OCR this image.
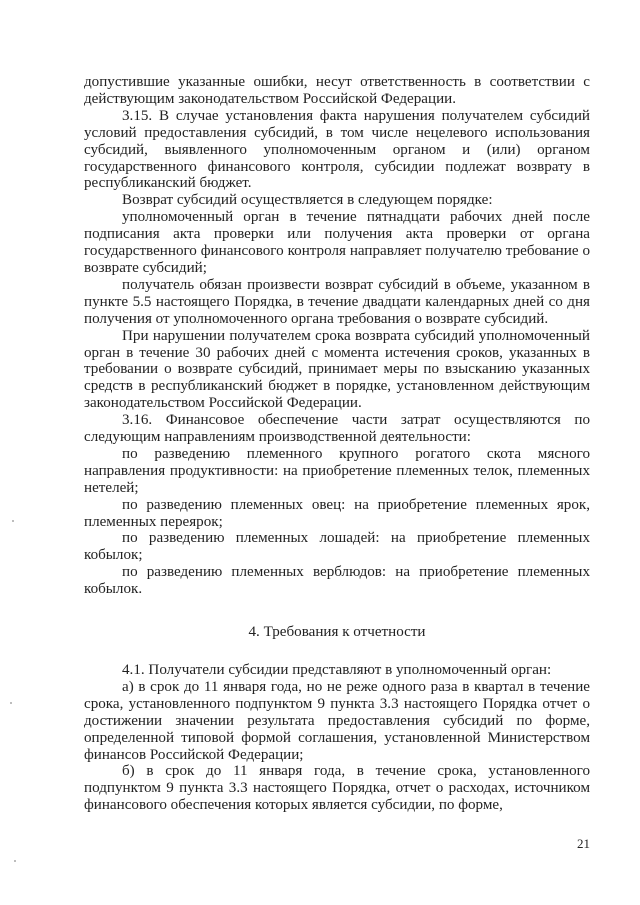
допустившие указанные ошибки, несут ответственность в соответствии с действующим законодательством Российской Федерации.

3.15. В случае установления факта нарушения получателем субсидий условий предоставления субсидий, в том числе нецелевого использования субсидий, выявленного уполномоченным органом и (или) органом государственного финансового контроля, субсидии подлежат возврату в республиканский бюджет.

Возврат субсидий осуществляется в следующем порядке:

уполномоченный орган в течение пятнадцати рабочих дней после подписания акта проверки или получения акта проверки от органа государственного финансового контроля направляет получателю требование о возврате субсидий;

получатель обязан произвести возврат субсидий в объеме, указанном в пункте 5.5 настоящего Порядка, в течение двадцати календарных дней со дня получения от уполномоченного органа требования о возврате субсидий.

При нарушении получателем срока возврата субсидий уполномоченный орган в течение 30 рабочих дней с момента истечения сроков, указанных в требовании о возврате субсидий, принимает меры по взысканию указанных средств в республиканский бюджет в порядке, установленном действующим законодательством Российской Федерации.

3.16. Финансовое обеспечение части затрат осуществляются по следующим направлениям производственной деятельности:

по разведению племенного крупного рогатого скота мясного направления продуктивности: на приобретение племенных телок, племенных нетелей;

по разведению племенных овец: на приобретение племенных ярок, племенных переярок;

по разведению племенных лошадей: на приобретение племенных кобылок;

по разведению племенных верблюдов: на приобретение племенных кобылок.

4. Требования к отчетности

4.1. Получатели субсидии представляют в уполномоченный орган:

а) в срок до 11 января года, но не реже одного раза в квартал в течение срока, установленного подпунктом 9 пункта 3.3 настоящего Порядка отчет о достижении значении результата предоставления субсидий по форме, определенной типовой формой соглашения, установленной Министерством финансов Российской Федерации;

б) в срок до 11 января года, в течение срока, установленного подпунктом 9 пункта 3.3 настоящего Порядка, отчет о расходах, источником финансового обеспечения которых является субсидии, по форме,

21
